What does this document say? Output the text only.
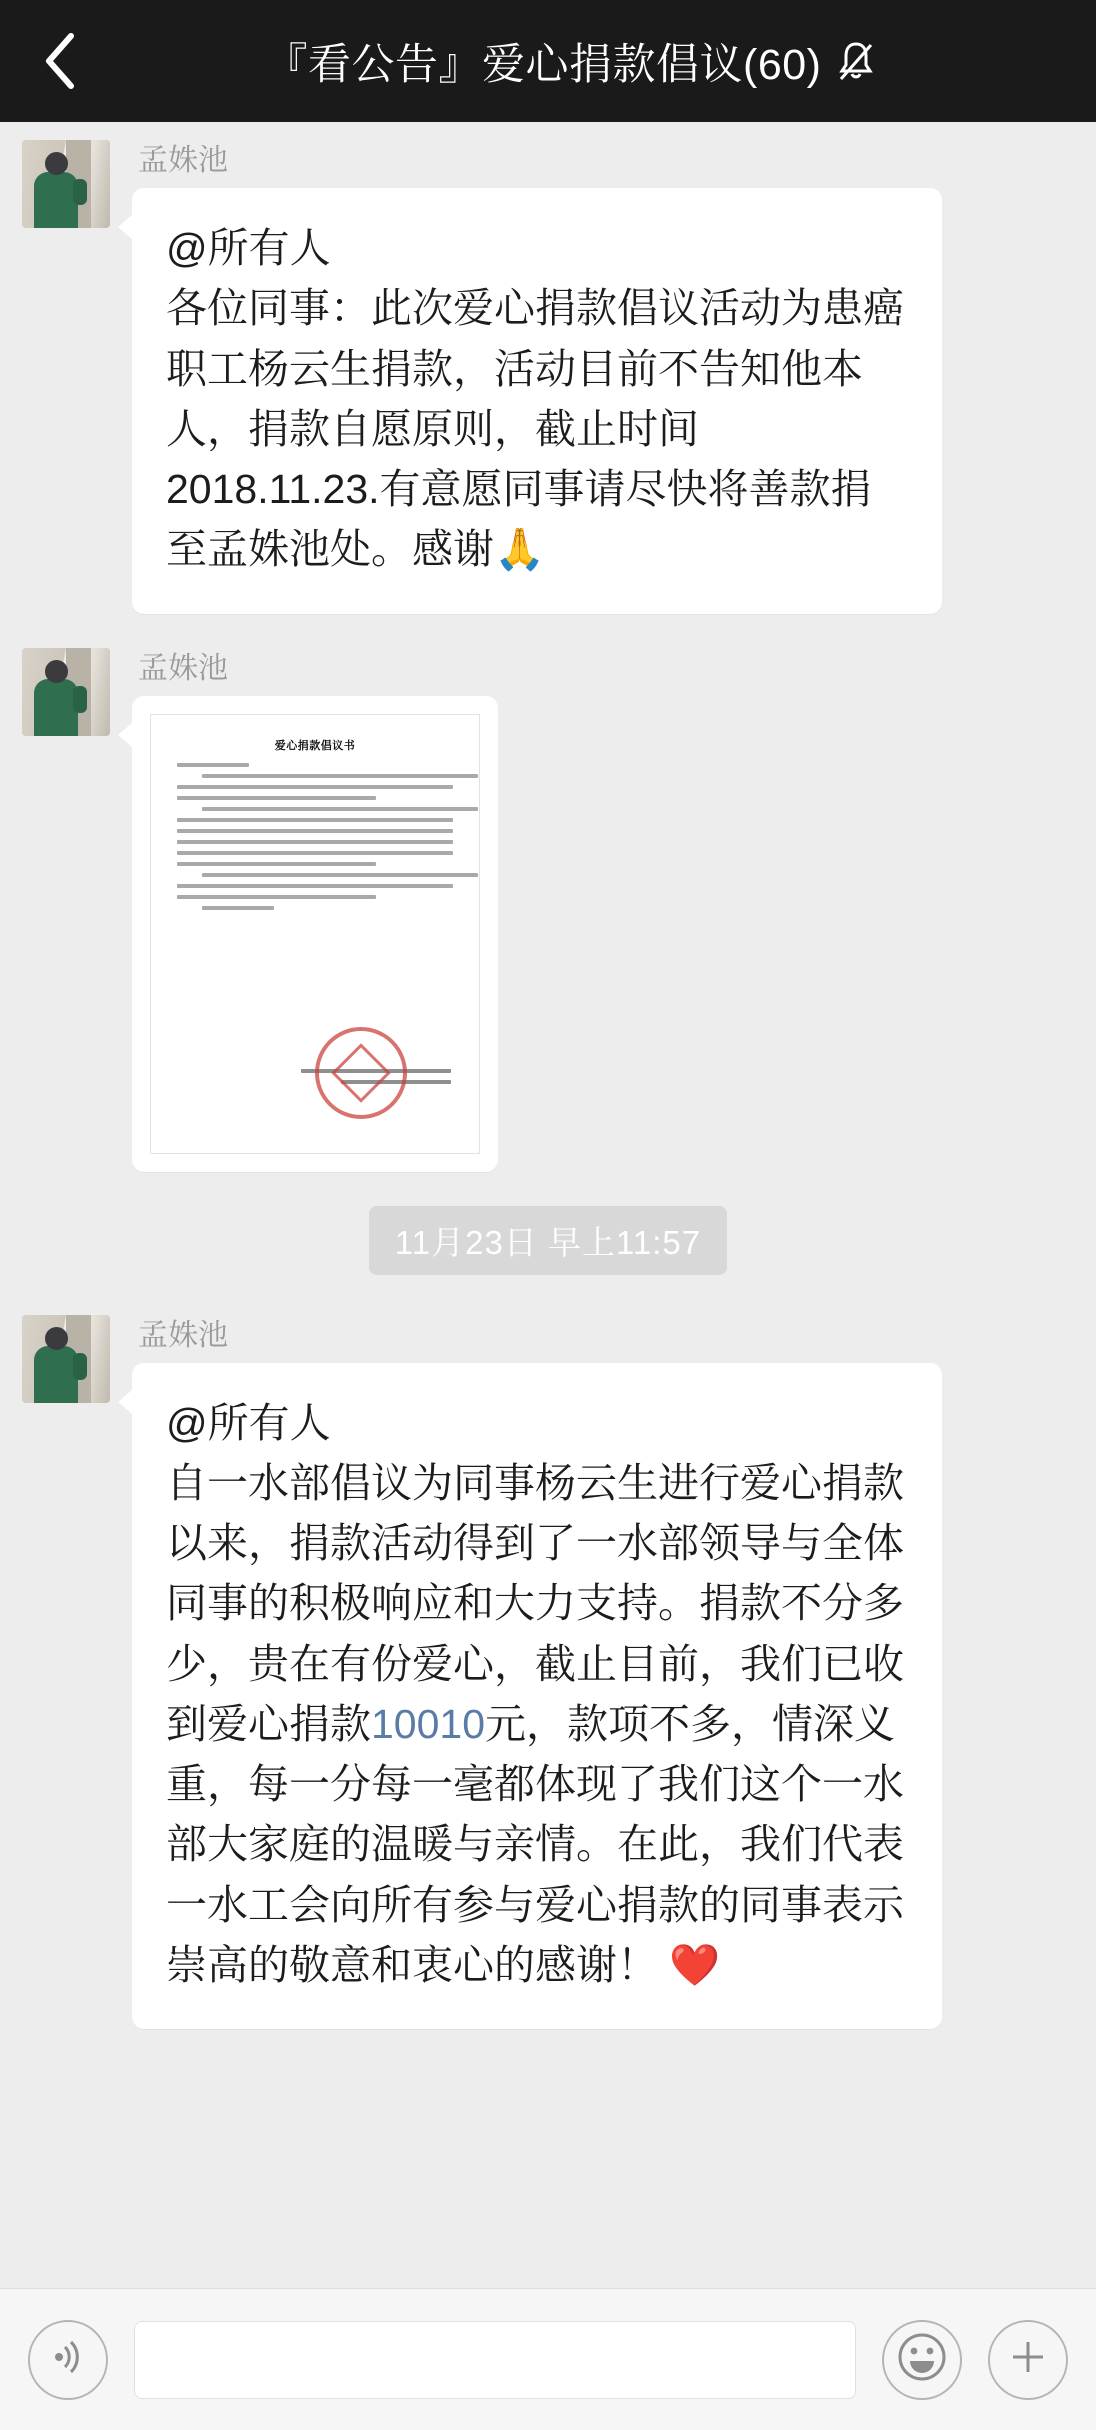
『看公告』爱心捐款倡议(60)
孟姝池
@所有人
各位同事：此次爱心捐款倡议活动为患癌职工杨云生捐款，活动目前不告知他本人，捐款自愿原则，截止时间2018.11.23.有意愿同事请尽快将善款捐至孟姝池处。感谢🙏
孟姝池
爱心捐款倡议书
11月23日 早上11:57
孟姝池
@所有人
自一水部倡议为同事杨云生进行爱心捐款以来，捐款活动得到了一水部领导与全体同事的积极响应和大力支持。捐款不分多少，贵在有份爱心，截止目前，我们已收到爱心捐款10010元，款项不多，情深义重，每一分每一毫都体现了我们这个一水部大家庭的温暖与亲情。在此，我们代表一水工会向所有参与爱心捐款的同事表示崇高的敬意和衷心的感谢！ ❤️
